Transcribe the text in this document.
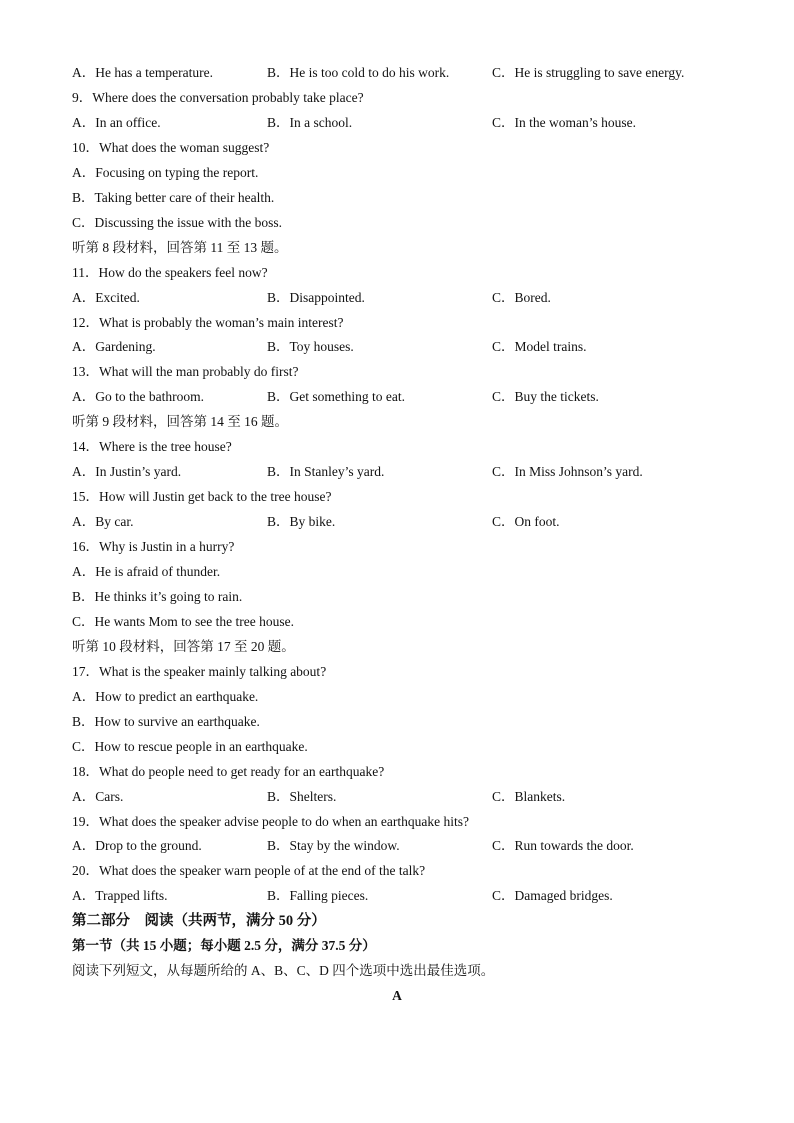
A．He has a temperature.	B．He is too cold to do his work.	C．He is struggling to save energy.
9．Where does the conversation probably take place?
A．In an office.	B．In a school.	C．In the woman’s house.
10．What does the woman suggest?
A．Focusing on typing the report.
B．Taking better care of their health.
C．Discussing the issue with the boss.
听第 8 段材料，回答第 11 至 13 题。
11．How do the speakers feel now?
A．Excited.	B．Disappointed.	C．Bored.
12．What is probably the woman’s main interest?
A．Gardening.	B．Toy houses.	C．Model trains.
13．What will the man probably do first?
A．Go to the bathroom.	B．Get something to eat.	C．Buy the tickets.
听第 9 段材料，回答第 14 至 16 题。
14．Where is the tree house?
A．In Justin’s yard.	B．In Stanley’s yard.	C．In Miss Johnson’s yard.
15．How will Justin get back to the tree house?
A．By car.	B．By bike.	C．On foot.
16．Why is Justin in a hurry?
A．He is afraid of thunder.
B．He thinks it’s going to rain.
C．He wants Mom to see the tree house.
听第 10 段材料，回答第 17 至 20 题。
17．What is the speaker mainly talking about?
A．How to predict an earthquake.
B．How to survive an earthquake.
C．How to rescue people in an earthquake.
18．What do people need to get ready for an earthquake?
A．Cars.	B．Shelters.	C．Blankets.
19．What does the speaker advise people to do when an earthquake hits?
A．Drop to the ground.	B．Stay by the window.	C．Run towards the door.
20．What does the speaker warn people of at the end of the talk?
A．Trapped lifts.	B．Falling pieces.	C．Damaged bridges.
第二部分　阅读（共两节，满分 50 分）
第一节（共 15 小题；每小题 2.5 分，满分 37.5 分）
阅读下列短文，从每题所给的 A、B、C、D 四个选项中选出最佳选项。
A
